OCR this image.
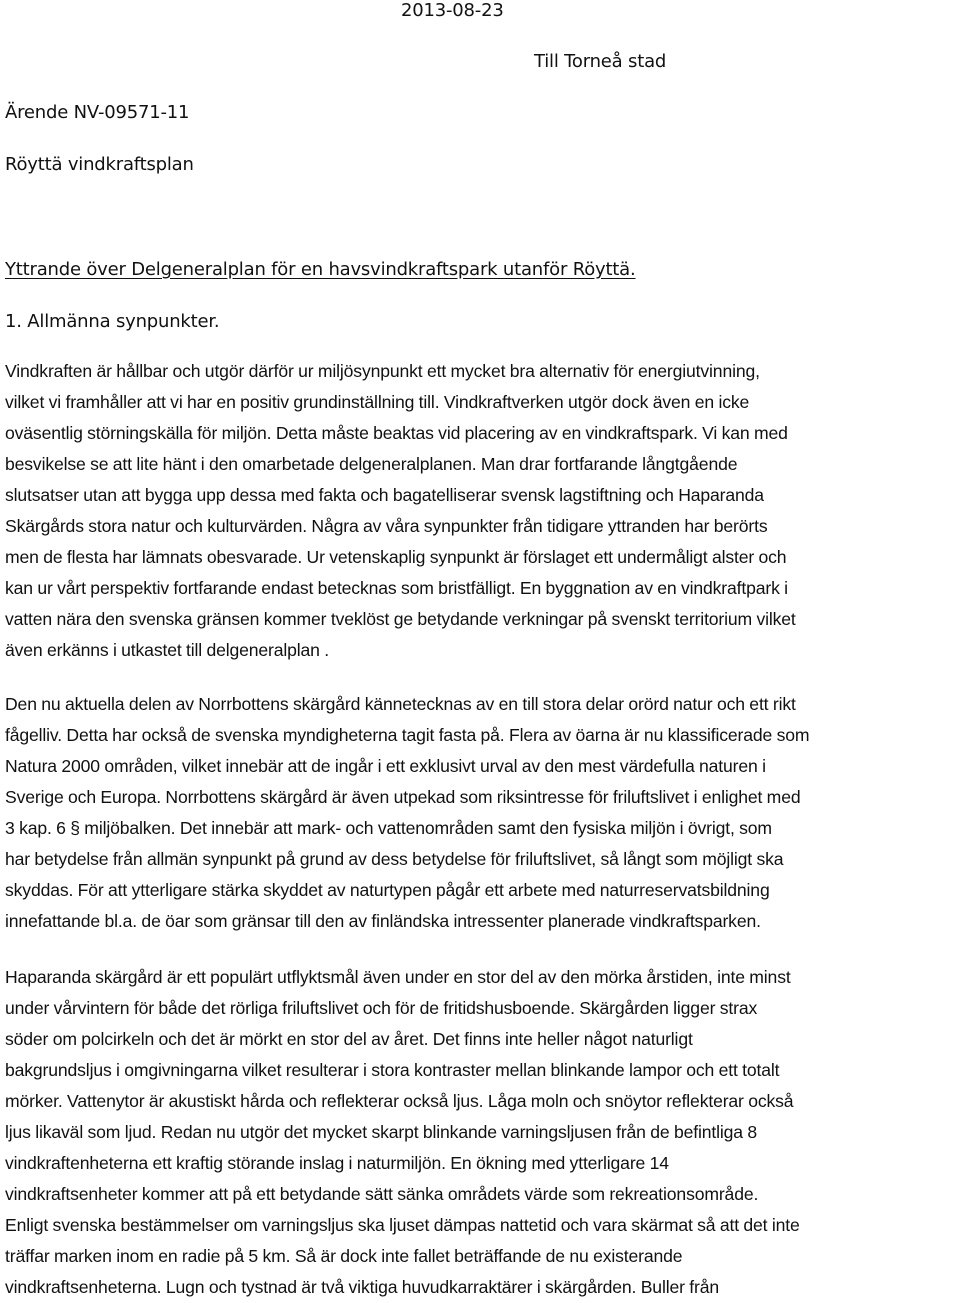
2013-08-23
Till Torneå stad
Ärende NV-09571-11
Röyttä vindkraftsplan
Yttrande över Delgeneralplan för en havsvindkraftspark utanför Röyttä.
1. Allmänna synpunkter.
Vindkraften är hållbar och utgör därför ur miljösynpunkt ett mycket bra alternativ för energiutvinning,
vilket vi framhåller att vi har en positiv grundinställning till. Vindkraftverken utgör dock även en icke
oväsentlig störningskälla för miljön. Detta måste beaktas vid placering av en vindkraftspark. Vi kan med
besvikelse se att lite hänt i den omarbetade delgeneralplanen. Man drar fortfarande långtgående
slutsatser utan att bygga upp dessa med fakta och bagatelliserar svensk lagstiftning och Haparanda
Skärgårds stora natur och kulturvärden. Några av våra synpunkter från tidigare yttranden har berörts
men de flesta har lämnats obesvarade. Ur vetenskaplig synpunkt är förslaget ett undermåligt alster och
kan ur vårt perspektiv fortfarande endast betecknas som bristfälligt. En byggnation av en vindkraftpark i
vatten nära den svenska gränsen kommer tveklöst ge betydande verkningar på svenskt territorium vilket
även erkänns i utkastet till delgeneralplan .
Den nu aktuella delen av Norrbottens skärgård kännetecknas av en till stora delar orörd natur och ett rikt
fågelliv. Detta har också de svenska myndigheterna tagit fasta på. Flera av öarna är nu klassificerade som
Natura 2000 områden, vilket innebär att de ingår i ett exklusivt urval av den mest värdefulla naturen i
Sverige och Europa. Norrbottens skärgård är även utpekad som riksintresse för friluftslivet i enlighet med
3 kap. 6 § miljöbalken. Det innebär att mark- och vattenområden samt den fysiska miljön i övrigt, som
har betydelse från allmän synpunkt på grund av dess betydelse för friluftslivet, så långt som möjligt ska
skyddas. För att ytterligare stärka skyddet av naturtypen pågår ett arbete med naturreservatsbildning
innefattande bl.a. de öar som gränsar till den av finländska intressenter planerade vindkraftsparken.
Haparanda skärgård är ett populärt utflyktsmål även under en stor del av den mörka årstiden, inte minst
under vårvintern för både det rörliga friluftslivet och för de fritidshusboende. Skärgården ligger strax
söder om polcirkeln och det är mörkt en stor del av året. Det finns inte heller något naturligt
bakgrundsljus i omgivningarna vilket resulterar i stora kontraster mellan blinkande lampor och ett totalt
mörker. Vattenytor är akustiskt hårda och reflekterar också ljus. Låga moln och snöytor reflekterar också
ljus likaväl som ljud. Redan nu utgör det mycket skarpt blinkande varningsljusen från de befintliga 8
vindkraftenheterna ett kraftig störande inslag i naturmiljön. En ökning med ytterligare 14
vindkraftsenheter kommer att på ett betydande sätt sänka områdets värde som rekreationsområde.
Enligt svenska bestämmelser om varningsljus ska ljuset dämpas nattetid och vara skärmat så att det inte
träffar marken inom en radie på 5 km. Så är dock inte fallet beträffande de nu existerande
vindkraftsenheterna. Lugn och tystnad är två viktiga huvudkarraktärer i skärgården. Buller från
